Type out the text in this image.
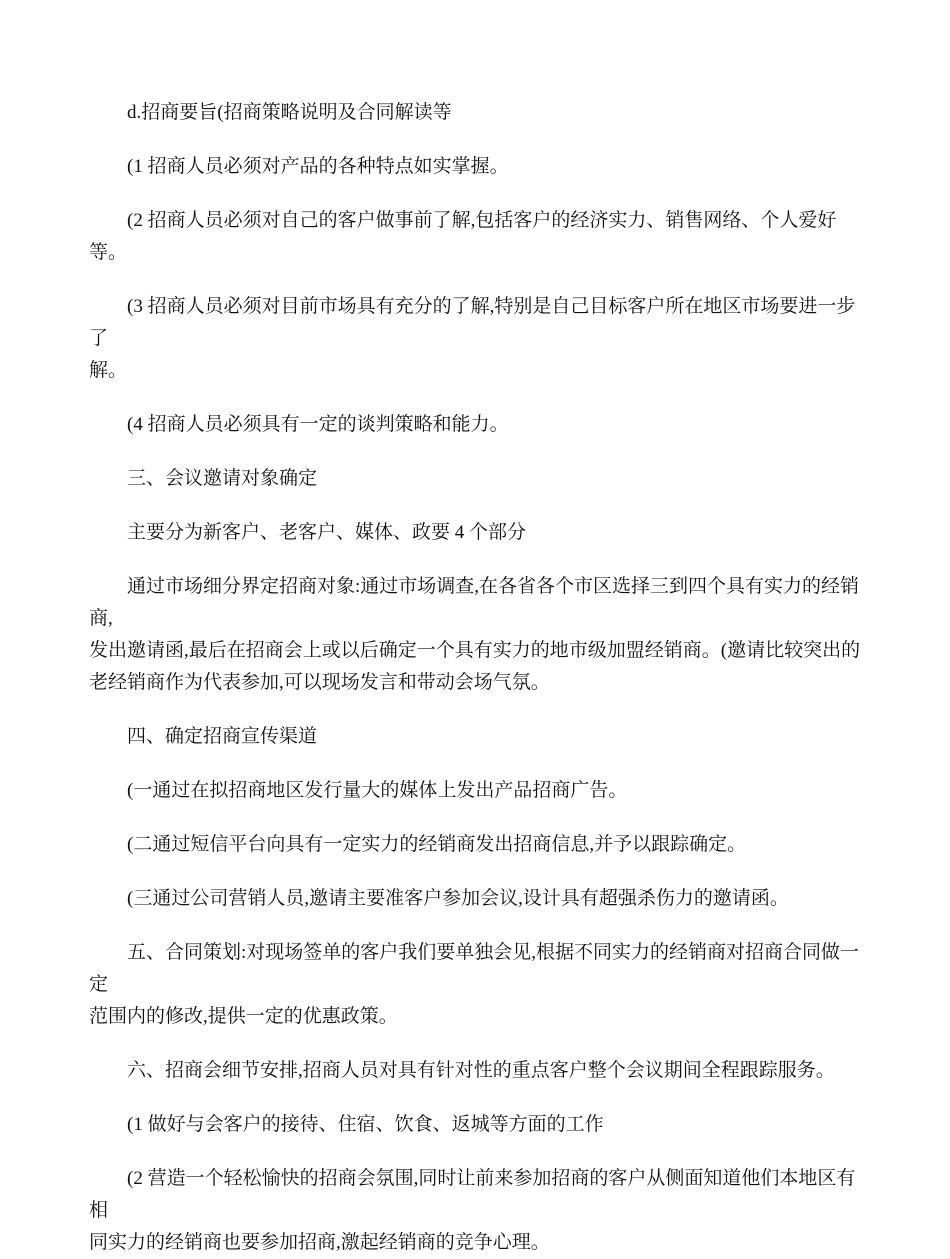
d.招商要旨(招商策略说明及合同解读等
(1 招商人员必须对产品的各种特点如实掌握。
(2 招商人员必须对自己的客户做事前了解,包括客户的经济实力、销售网络、个人爱好等。
(3 招商人员必须对目前市场具有充分的了解,特别是自己目标客户所在地区市场要进一步了
解。
(4 招商人员必须具有一定的谈判策略和能力。
三、会议邀请对象确定
主要分为新客户、老客户、媒体、政要 4 个部分
通过市场细分界定招商对象:通过市场调查,在各省各个市区选择三到四个具有实力的经销商,
发出邀请函,最后在招商会上或以后确定一个具有实力的地市级加盟经销商。(邀请比较突出的
老经销商作为代表参加,可以现场发言和带动会场气氛。
四、确定招商宣传渠道
(一通过在拟招商地区发行量大的媒体上发出产品招商广告。
(二通过短信平台向具有一定实力的经销商发出招商信息,并予以跟踪确定。
(三通过公司营销人员,邀请主要准客户参加会议,设计具有超强杀伤力的邀请函。
五、合同策划:对现场签单的客户我们要单独会见,根据不同实力的经销商对招商合同做一定
范围内的修改,提供一定的优惠政策。
六、招商会细节安排,招商人员对具有针对性的重点客户整个会议期间全程跟踪服务。
(1 做好与会客户的接待、住宿、饮食、返城等方面的工作
(2 营造一个轻松愉快的招商会氛围,同时让前来参加招商的客户从侧面知道他们本地区有相
同实力的经销商也要参加招商,激起经销商的竞争心理。
